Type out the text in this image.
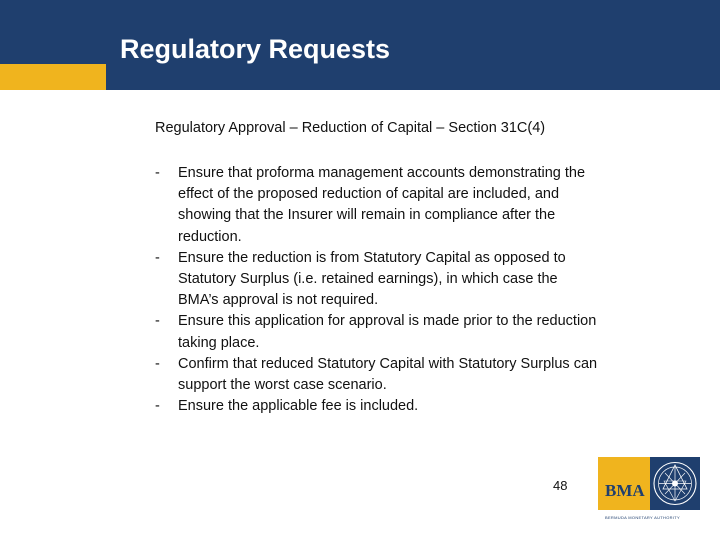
Regulatory Requests
Regulatory Approval – Reduction of Capital – Section 31C(4)
- Ensure that proforma management accounts demonstrating the
effect of the proposed reduction of capital are included, and
showing that the Insurer will remain in compliance after the
reduction.
- Ensure the reduction is from Statutory Capital as opposed to
Statutory Surplus (i.e. retained earnings), in which case the
BMA’s approval is not required.
- Ensure this application for approval is made prior to the reduction
taking place.
- Confirm that reduced Statutory Capital with Statutory Surplus can
support the worst case scenario.
- Ensure the applicable fee is included.
48 BMA
BERMUDA MONETARY AUTHORITY
